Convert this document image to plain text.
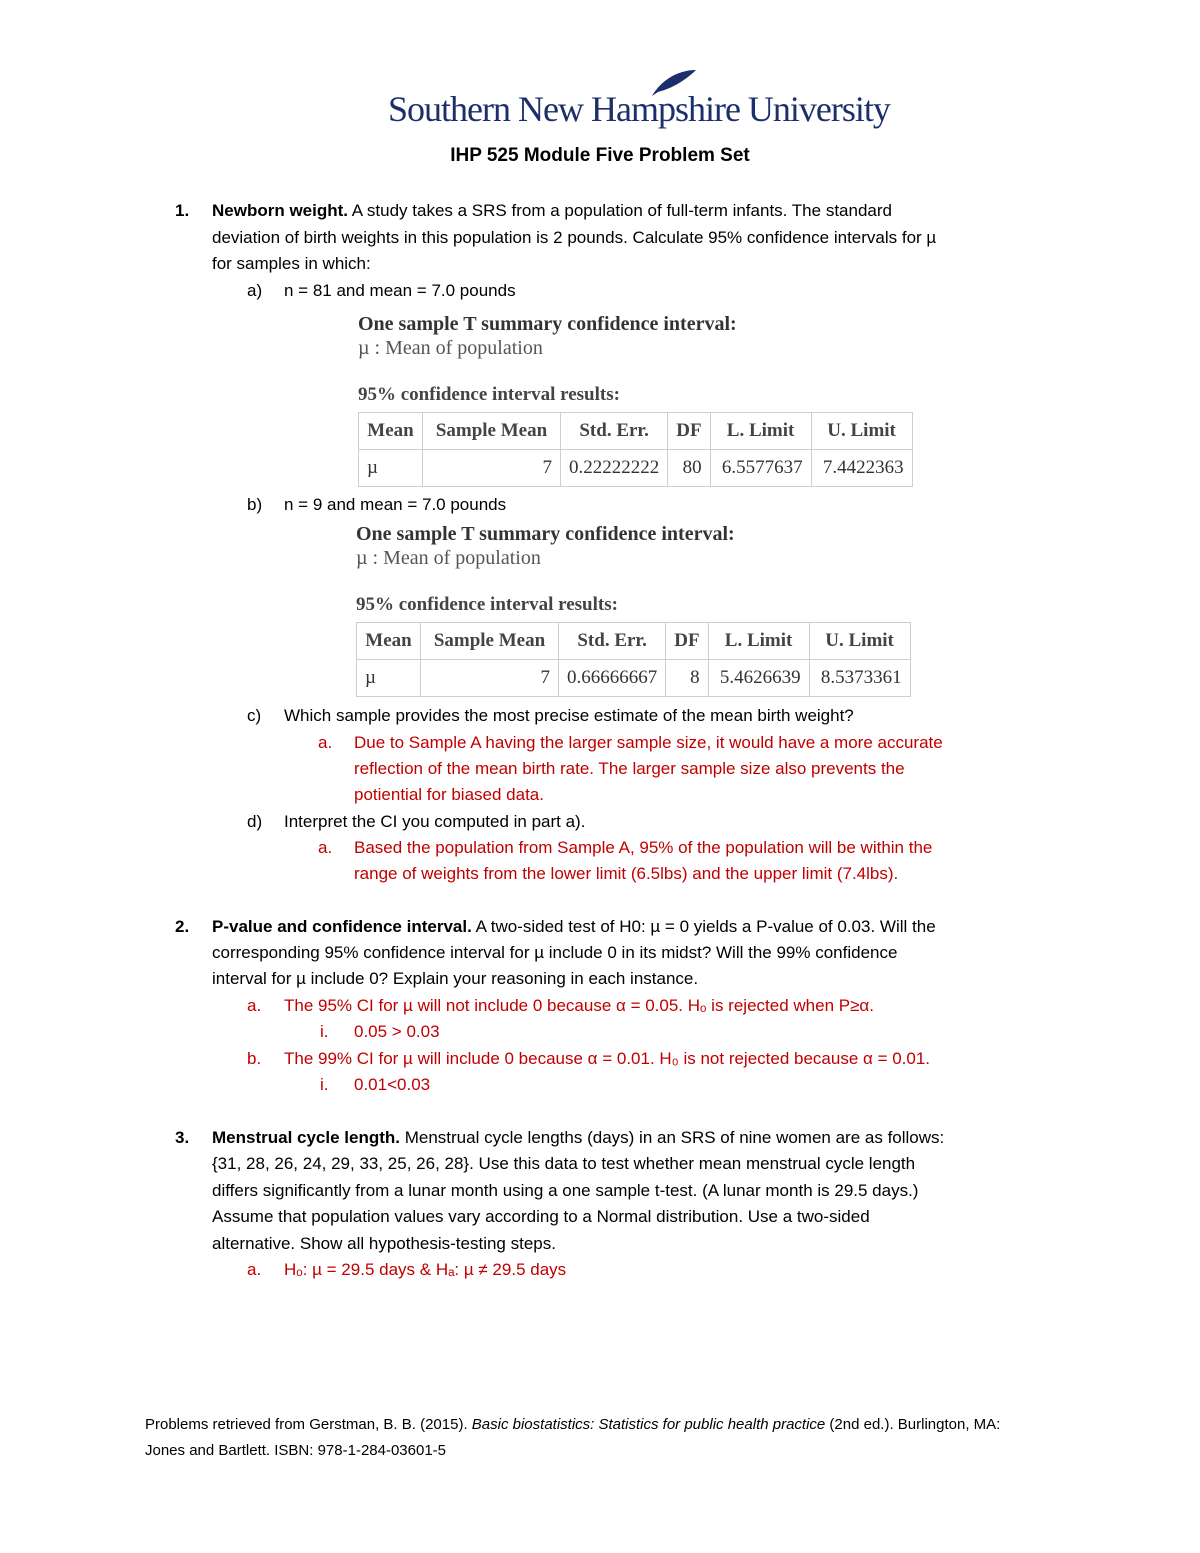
Southern New Hampshire University
IHP 525 Module Five Problem Set
1. Newborn weight. A study takes a SRS from a population of full-term infants. The standard
deviation of birth weights in this population is 2 pounds. Calculate 95% confidence intervals for µ
for samples in which:
a) n = 81 and mean = 7.0 pounds
One sample T summary confidence interval:
µ : Mean of population
95% confidence interval results:
Mean	Sample Mean	Std. Err.	DF	L. Limit	U. Limit
µ	7	0.22222222	80	6.5577637	7.4422363
b) n = 9 and mean = 7.0 pounds
One sample T summary confidence interval:
µ : Mean of population
95% confidence interval results:
Mean	Sample Mean	Std. Err.	DF	L. Limit	U. Limit
µ	7	0.66666667	8	5.4626639	8.5373361
c) Which sample provides the most precise estimate of the mean birth weight?
a. Due to Sample A having the larger sample size, it would have a more accurate
reflection of the mean birth rate. The larger sample size also prevents the
potiential for biased data.
d) Interpret the CI you computed in part a).
a. Based the population from Sample A, 95% of the population will be within the
range of weights from the lower limit (6.5lbs) and the upper limit (7.4lbs).
2. P-value and confidence interval. A two-sided test of H0: µ = 0 yields a P-value of 0.03. Will the
corresponding 95% confidence interval for µ include 0 in its midst? Will the 99% confidence
interval for µ include 0? Explain your reasoning in each instance.
a. The 95% CI for µ will not include 0 because α = 0.05. Hₒ is rejected when P≥α.
i. 0.05 > 0.03
b. The 99% CI for µ will include 0 because α = 0.01. H₀ is not rejected because α = 0.01.
i. 0.01<0.03
3. Menstrual cycle length. Menstrual cycle lengths (days) in an SRS of nine women are as follows:
{31, 28, 26, 24, 29, 33, 25, 26, 28}. Use this data to test whether mean menstrual cycle length
differs significantly from a lunar month using a one sample t-test. (A lunar month is 29.5 days.)
Assume that population values vary according to a Normal distribution. Use a two-sided
alternative. Show all hypothesis-testing steps.
a. Hₒ: µ = 29.5 days & Hₐ: µ ≠ 29.5 days
Problems retrieved from Gerstman, B. B. (2015). Basic biostatistics: Statistics for public health practice (2nd ed.). Burlington, MA:
Jones and Bartlett. ISBN: 978-1-284-03601-5
